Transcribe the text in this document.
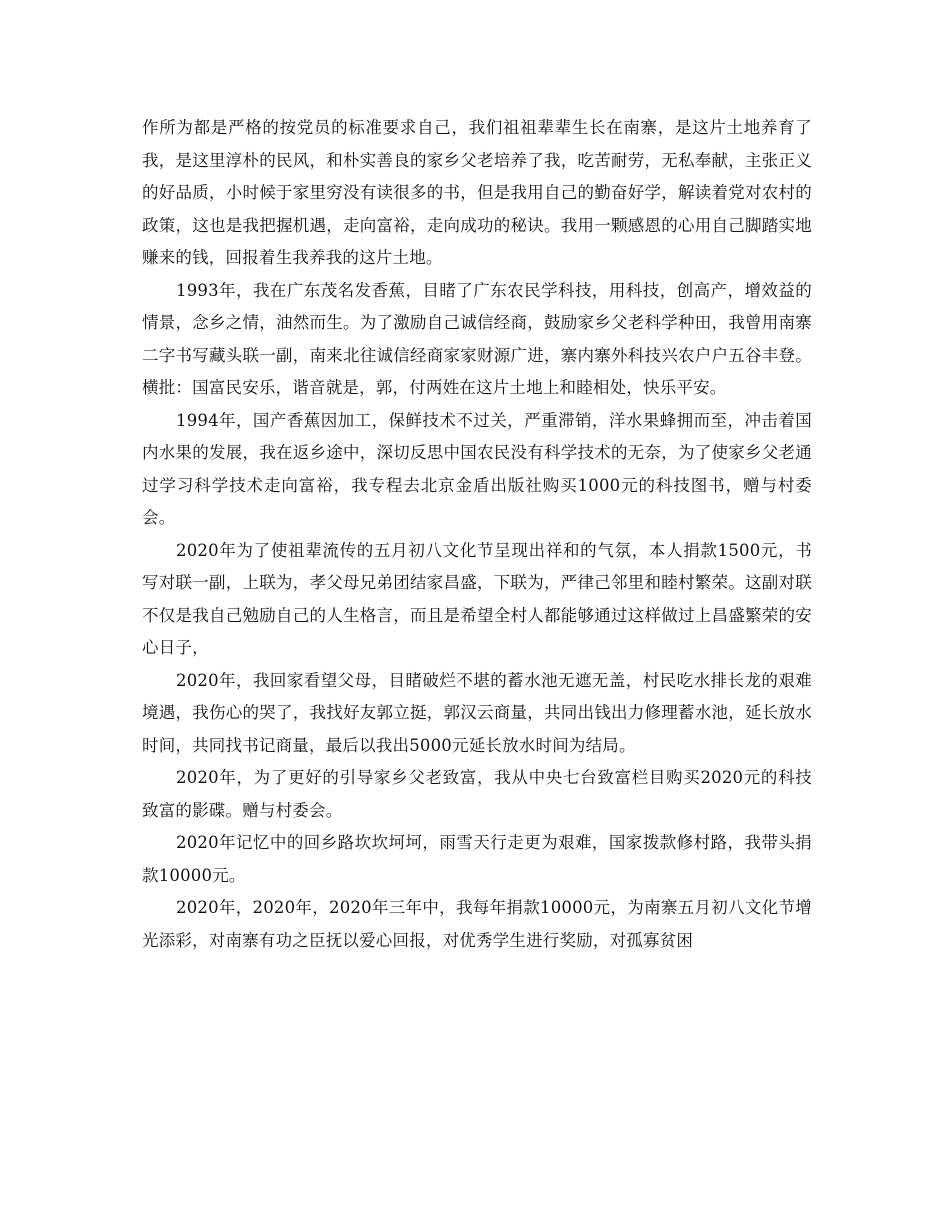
作所为都是严格的按党员的标准要求自己，我们祖祖辈辈生长在南寨，是这片土地养育了我，是这里淳朴的民风，和朴实善良的家乡父老培养了我，吃苦耐劳，无私奉献，主张正义的好品质，小时候于家里穷没有读很多的书，但是我用自己的勤奋好学，解读着党对农村的政策，这也是我把握机遇，走向富裕，走向成功的秘诀。我用一颗感恩的心用自己脚踏实地赚来的钱，回报着生我养我的这片土地。

1993年，我在广东茂名发香蕉，目睹了广东农民学科技，用科技，创高产，增效益的情景，念乡之情，油然而生。为了激励自己诚信经商，鼓励家乡父老科学种田，我曾用南寨二字书写藏头联一副，南来北往诚信经商家家财源广进，寨内寨外科技兴农户户五谷丰登。横批：国富民安乐，谐音就是，郭，付两姓在这片土地上和睦相处，快乐平安。

1994年，国产香蕉因加工，保鲜技术不过关，严重滞销，洋水果蜂拥而至，冲击着国内水果的发展，我在返乡途中，深切反思中国农民没有科学技术的无奈，为了使家乡父老通过学习科学技术走向富裕，我专程去北京金盾出版社购买1000元的科技图书，赠与村委会。

2020年为了使祖辈流传的五月初八文化节呈现出祥和的气氛，本人捐款1500元，书写对联一副，上联为，孝父母兄弟团结家昌盛，下联为，严律己邻里和睦村繁荣。这副对联不仅是我自己勉励自己的人生格言，而且是希望全村人都能够通过这样做过上昌盛繁荣的安心日子，

2020年，我回家看望父母，目睹破烂不堪的蓄水池无遮无盖，村民吃水排长龙的艰难境遇，我伤心的哭了，我找好友郭立挺，郭汉云商量，共同出钱出力修理蓄水池，延长放水时间，共同找书记商量，最后以我出5000元延长放水时间为结局。

2020年，为了更好的引导家乡父老致富，我从中央七台致富栏目购买2020元的科技致富的影碟。赠与村委会。

2020年记忆中的回乡路坎坎坷坷，雨雪天行走更为艰难，国家拨款修村路，我带头捐款10000元。

2020年，2020年，2020年三年中，我每年捐款10000元，为南寨五月初八文化节增光添彩，对南寨有功之臣抚以爱心回报，对优秀学生进行奖励，对孤寡贫困
